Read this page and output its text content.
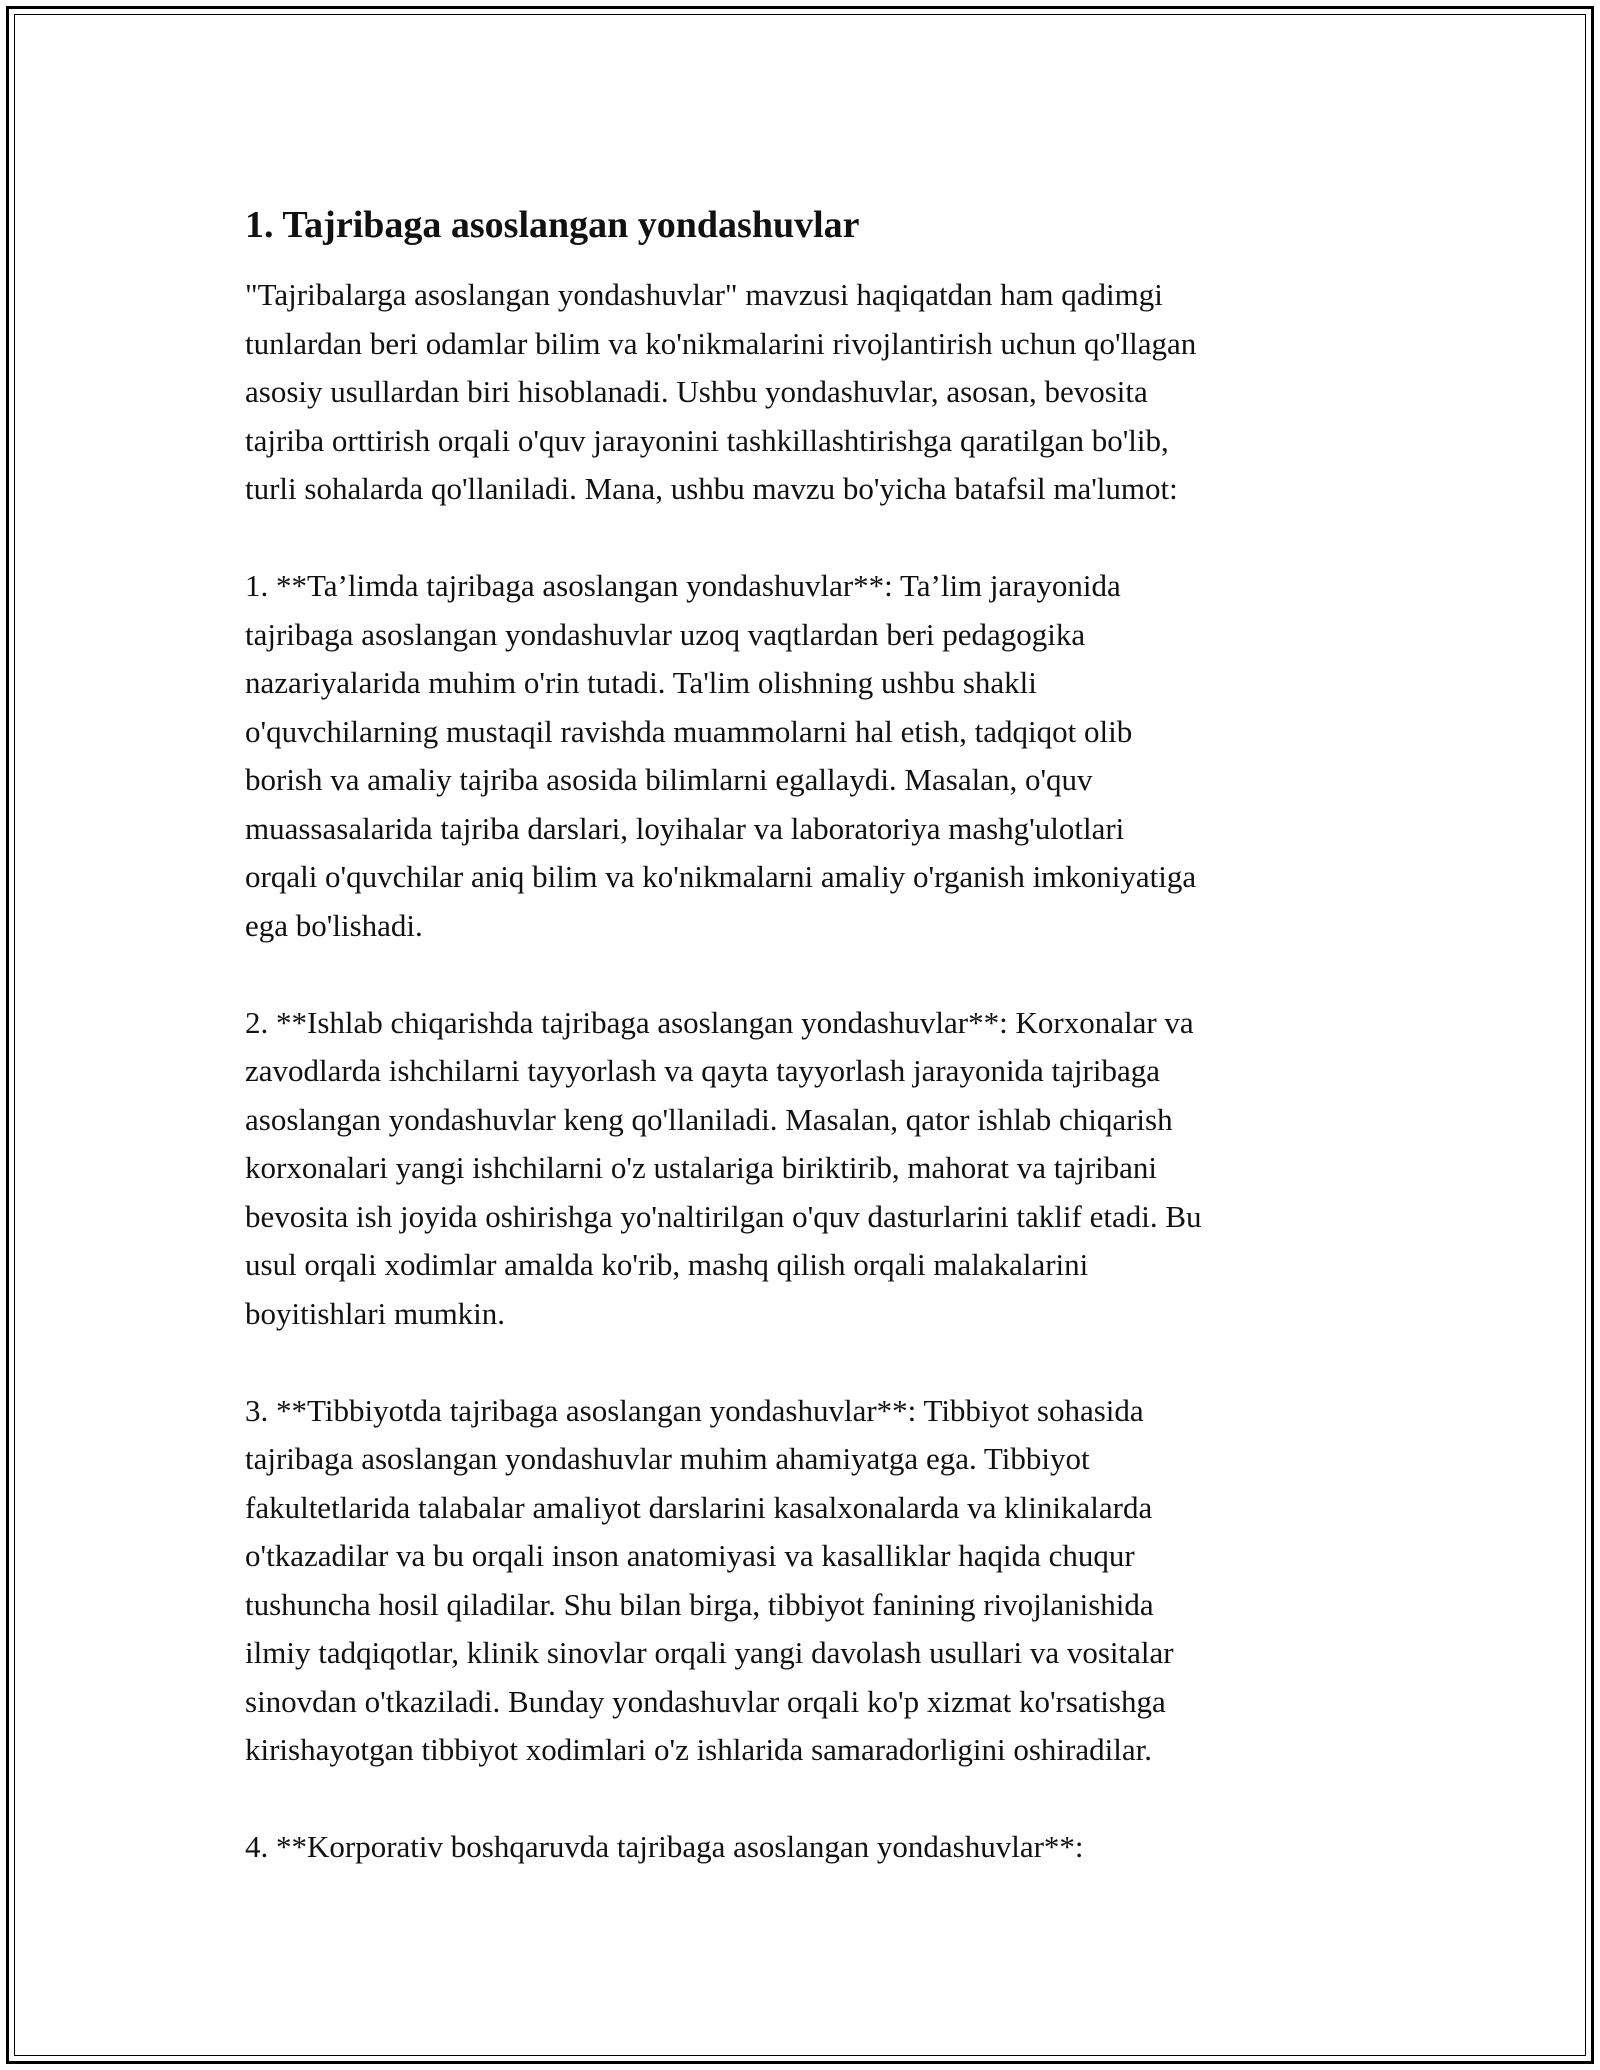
1. Tajribaga asoslangan yondashuvlar

"Tajribalarga asoslangan yondashuvlar" mavzusi haqiqatdan ham qadimgi
tunlardan beri odamlar bilim va ko'nikmalarini rivojlantirish uchun qo'llagan
asosiy usullardan biri hisoblanadi. Ushbu yondashuvlar, asosan, bevosita
tajriba orttirish orqali o'quv jarayonini tashkillashtirishga qaratilgan bo'lib,
turli sohalarda qo'llaniladi. Mana, ushbu mavzu bo'yicha batafsil ma'lumot:

1. **Ta’limda tajribaga asoslangan yondashuvlar**: Ta’lim jarayonida
tajribaga asoslangan yondashuvlar uzoq vaqtlardan beri pedagogika
nazariyalarida muhim o'rin tutadi. Ta'lim olishning ushbu shakli
o'quvchilarning mustaqil ravishda muammolarni hal etish, tadqiqot olib
borish va amaliy tajriba asosida bilimlarni egallaydi. Masalan, o'quv
muassasalarida tajriba darslari, loyihalar va laboratoriya mashg'ulotlari
orqali o'quvchilar aniq bilim va ko'nikmalarni amaliy o'rganish imkoniyatiga
ega bo'lishadi.

2. **Ishlab chiqarishda tajribaga asoslangan yondashuvlar**: Korxonalar va
zavodlarda ishchilarni tayyorlash va qayta tayyorlash jarayonida tajribaga
asoslangan yondashuvlar keng qo'llaniladi. Masalan, qator ishlab chiqarish
korxonalari yangi ishchilarni o'z ustalariga biriktirib, mahorat va tajribani
bevosita ish joyida oshirishga yo'naltirilgan o'quv dasturlarini taklif etadi. Bu
usul orqali xodimlar amalda ko'rib, mashq qilish orqali malakalarini
boyitishlari mumkin.

3. **Tibbiyotda tajribaga asoslangan yondashuvlar**: Tibbiyot sohasida
tajribaga asoslangan yondashuvlar muhim ahamiyatga ega. Tibbiyot
fakultetlarida talabalar amaliyot darslarini kasalxonalarda va klinikalarda
o'tkazadilar va bu orqali inson anatomiyasi va kasalliklar haqida chuqur
tushuncha hosil qiladilar. Shu bilan birga, tibbiyot fanining rivojlanishida
ilmiy tadqiqotlar, klinik sinovlar orqali yangi davolash usullari va vositalar
sinovdan o'tkaziladi. Bunday yondashuvlar orqali ko'p xizmat ko'rsatishga
kirishayotgan tibbiyot xodimlari o'z ishlarida samaradorligini oshiradilar.

4. **Korporativ boshqaruvda tajribaga asoslangan yondashuvlar**:
